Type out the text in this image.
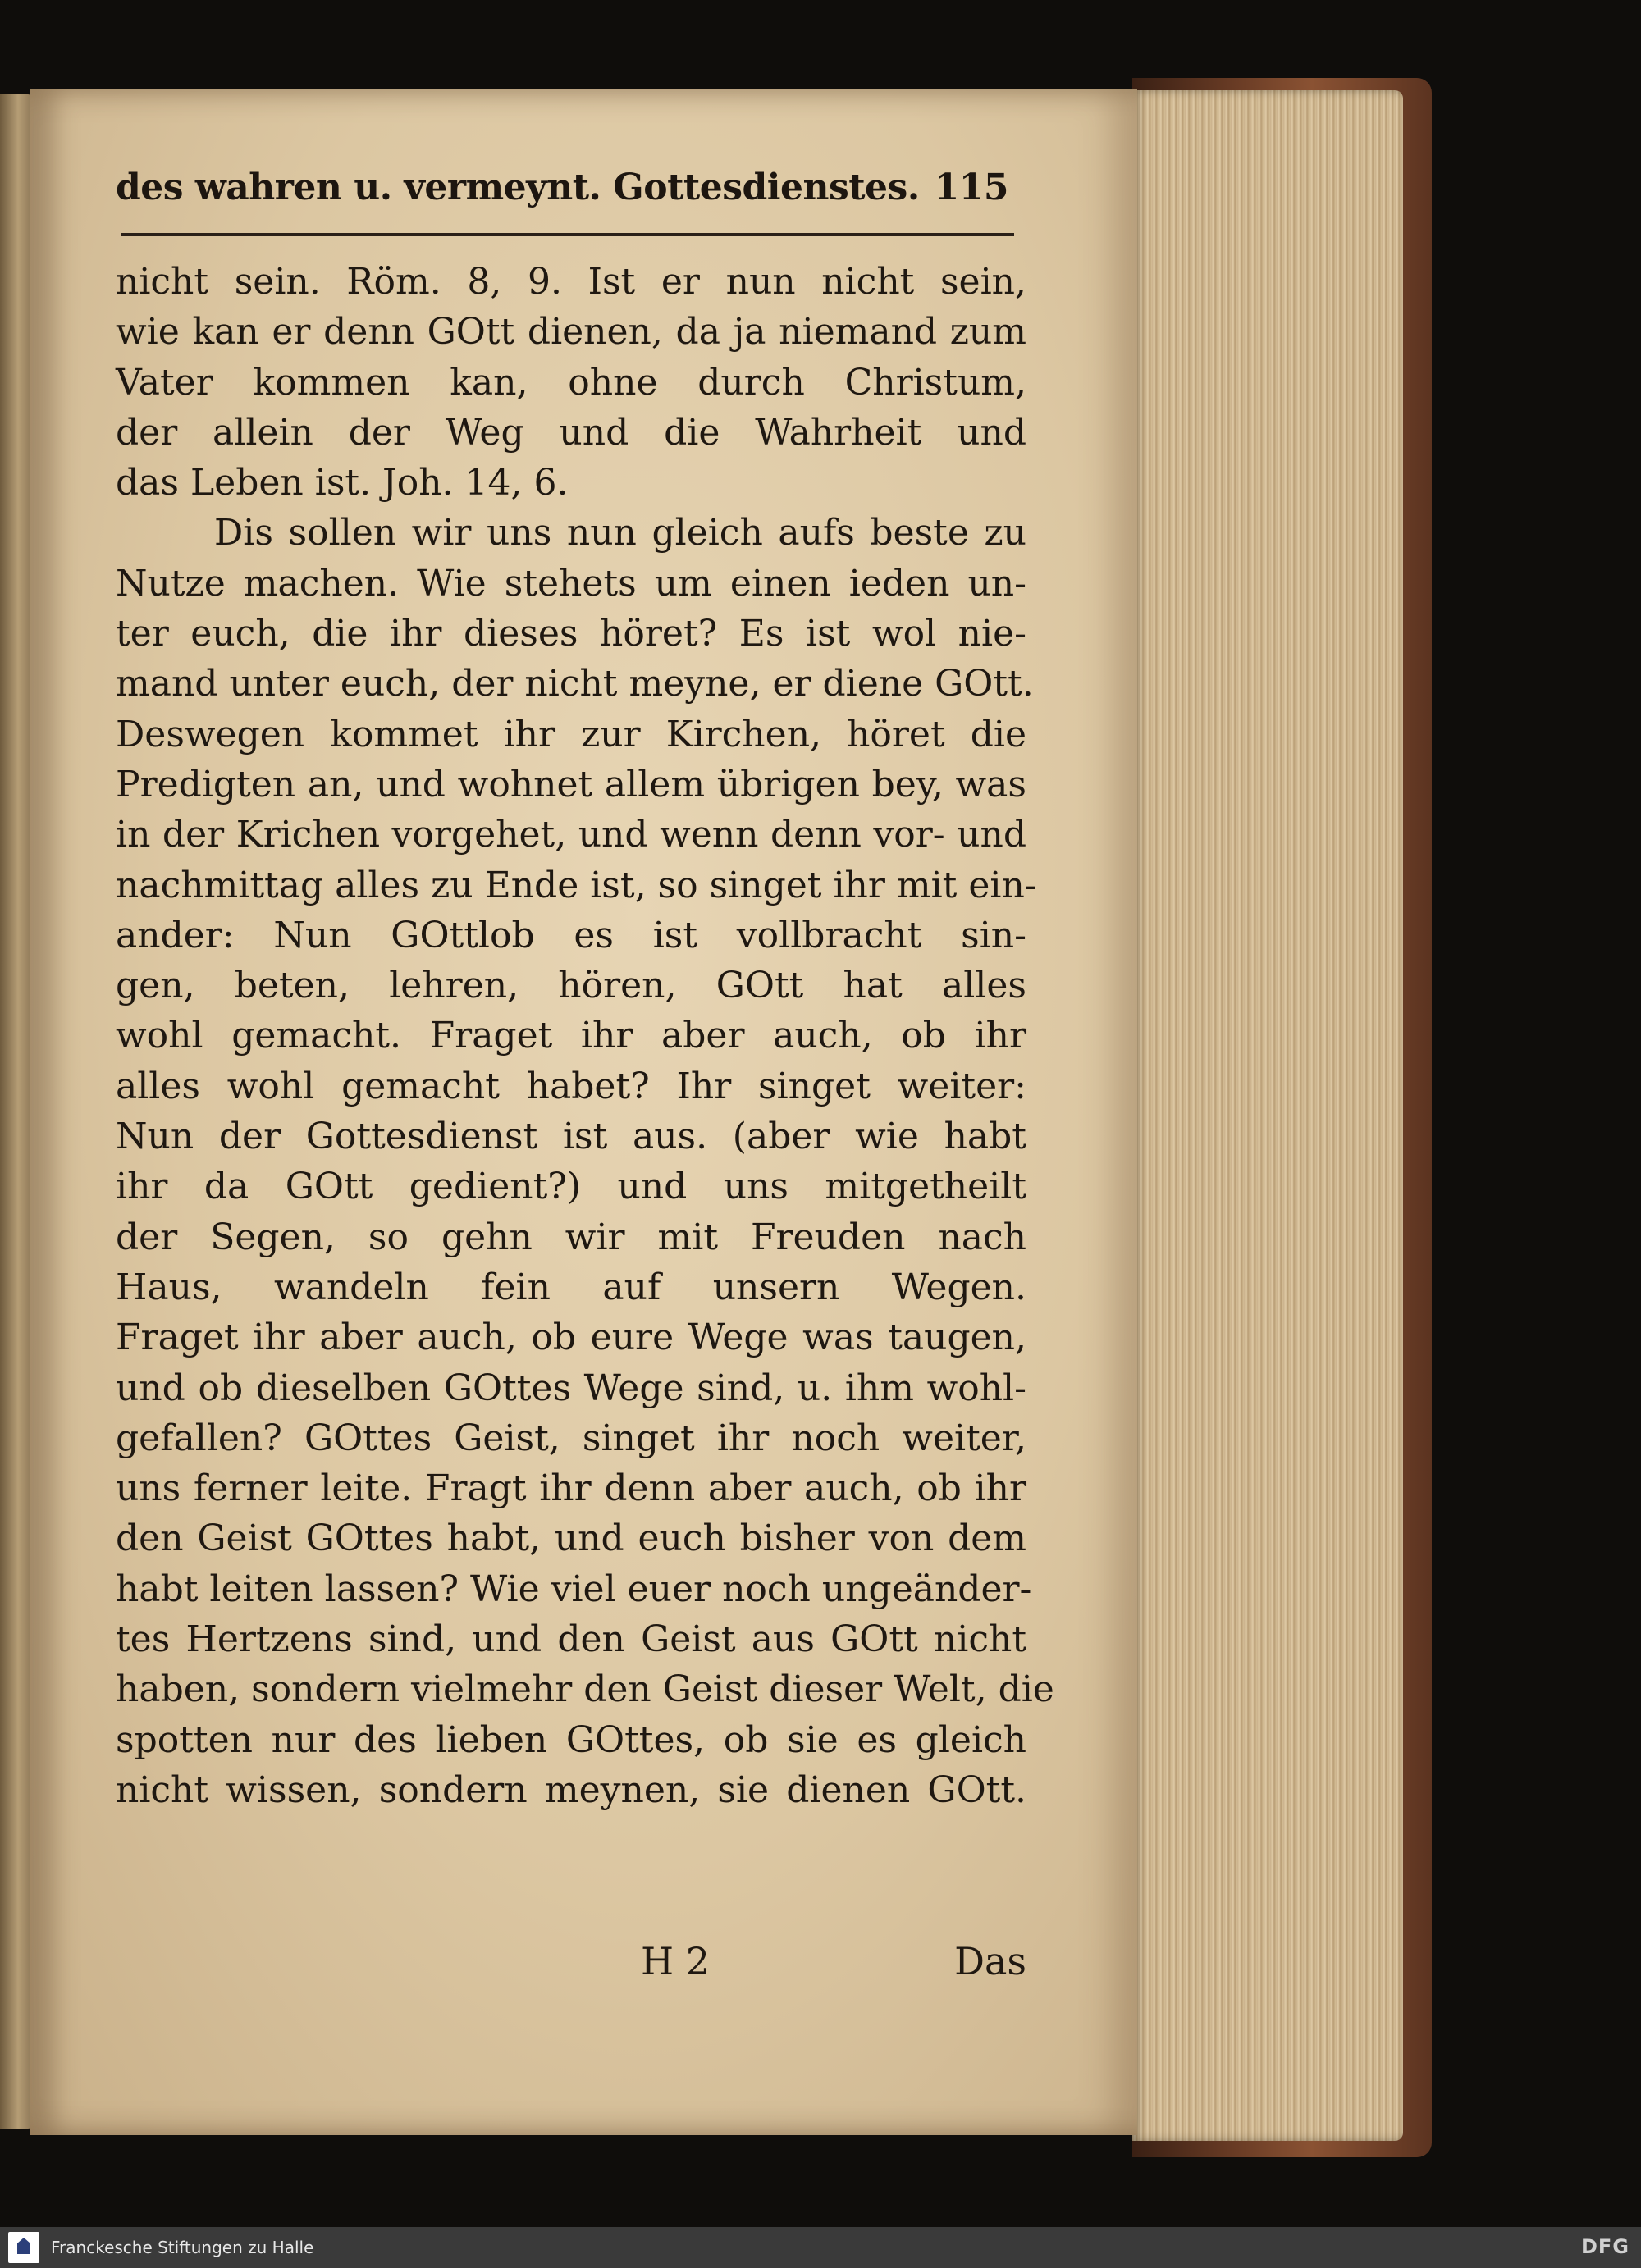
des wahren u. vermeynt. Gottesdienstes. 115
nicht sein. Röm. 8, 9. Ist er nun nicht sein,
wie kan er denn GOtt dienen, da ja niemand zum
Vater kommen kan, ohne durch Christum,
der allein der Weg und die Wahrheit und
das Leben ist. Joh. 14, 6.
Dis sollen wir uns nun gleich aufs beste zu
Nutze machen. Wie stehets um einen ieden un-
ter euch, die ihr dieses höret? Es ist wol nie-
mand unter euch, der nicht meyne, er diene GOtt.
Deswegen kommet ihr zur Kirchen, höret die
Predigten an, und wohnet allem übrigen bey, was
in der Krichen vorgehet, und wenn denn vor- und
nachmittag alles zu Ende ist, so singet ihr mit ein-
ander: Nun GOttlob es ist vollbracht sin-
gen, beten, lehren, hören, GOtt hat alles
wohl gemacht. Fraget ihr aber auch, ob ihr
alles wohl gemacht habet? Ihr singet weiter:
Nun der Gottesdienst ist aus. (aber wie habt
ihr da GOtt gedient?) und uns mitgetheilt
der Segen, so gehn wir mit Freuden nach
Haus, wandeln fein auf unsern Wegen.
Fraget ihr aber auch, ob eure Wege was taugen,
und ob dieselben GOttes Wege sind, u. ihm wohl-
gefallen? GOttes Geist, singet ihr noch weiter,
uns ferner leite. Fragt ihr denn aber auch, ob ihr
den Geist GOttes habt, und euch bisher von dem
habt leiten lassen? Wie viel euer noch ungeänder-
tes Hertzens sind, und den Geist aus GOtt nicht
haben, sondern vielmehr den Geist dieser Welt, die
spotten nur des lieben GOttes, ob sie es gleich
nicht wissen, sondern meynen, sie dienen GOtt.
H 2	Das
Franckesche Stiftungen zu Halle	DFG
